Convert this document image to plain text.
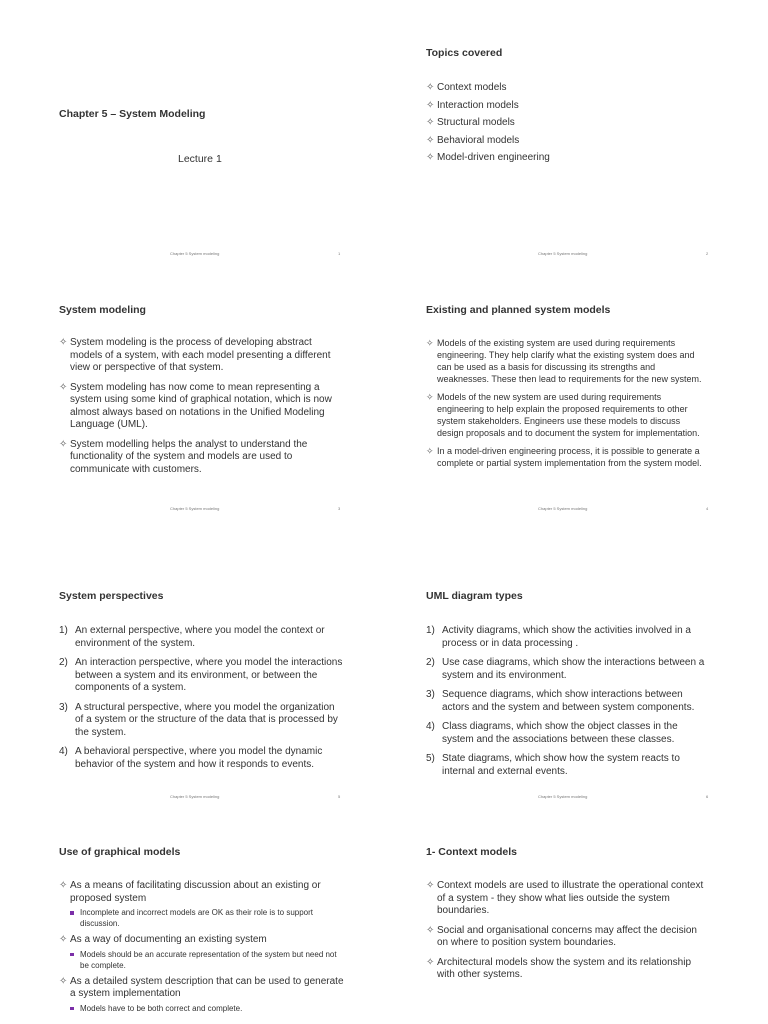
Chapter 5 – System Modeling
Lecture 1
Chapter 5 System modeling	1
Topics covered
✧ Context models
✧ Interaction models
✧ Structural models
✧ Behavioral models
✧ Model-driven engineering
Chapter 5 System modeling	2
System modeling
✧ System modeling is the process of developing abstract models of a system, with each model presenting a different view or perspective of that system.
✧ System modeling has now come to mean representing a system using some kind of graphical notation, which is now almost always based on notations in the Unified Modeling Language (UML).
✧ System modelling helps the analyst to understand the functionality of the system and models are used to communicate with customers.
Chapter 5 System modeling	3
Existing and planned system models
✧ Models of the existing system are used during requirements engineering. They help clarify what the existing system does and can be used as a basis for discussing its strengths and weaknesses. These then lead to requirements for the new system.
✧ Models of the new system are used during requirements engineering to help explain the proposed requirements to other system stakeholders. Engineers use these models to discuss design proposals and to document the system for implementation.
✧ In a model-driven engineering process, it is possible to generate a complete or partial system implementation from the system model.
Chapter 5 System modeling	4
System perspectives
1) An external perspective, where you model the context or environment of the system.
2) An interaction perspective, where you model the interactions between a system and its environment, or between the components of a system.
3) A structural perspective, where you model the organization of a system or the structure of the data that is processed by the system.
4) A behavioral perspective, where you model the dynamic behavior of the system and how it responds to events.
Chapter 5 System modeling	5
UML diagram types
1) Activity diagrams, which show the activities involved in a process or in data processing .
2) Use case diagrams, which show the interactions between a system and its environment.
3) Sequence diagrams, which show interactions between actors and the system and between system components.
4) Class diagrams, which show the object classes in the system and the associations between these classes.
5) State diagrams, which show how the system reacts to internal and external events.
Chapter 5 System modeling	6
Use of graphical models
✧ As a means of facilitating discussion about an existing or proposed system
Incomplete and incorrect models are OK as their role is to support discussion.
✧ As a way of documenting an existing system
Models should be an accurate representation of the system but need not be complete.
✧ As a detailed system description that can be used to generate a system implementation
Models have to be both correct and complete.
1- Context models
✧ Context models are used to illustrate the operational context of a system - they show what lies outside the system boundaries.
✧ Social and organisational concerns may affect the decision on where to position system boundaries.
✧ Architectural models show the system and its relationship with other systems.
